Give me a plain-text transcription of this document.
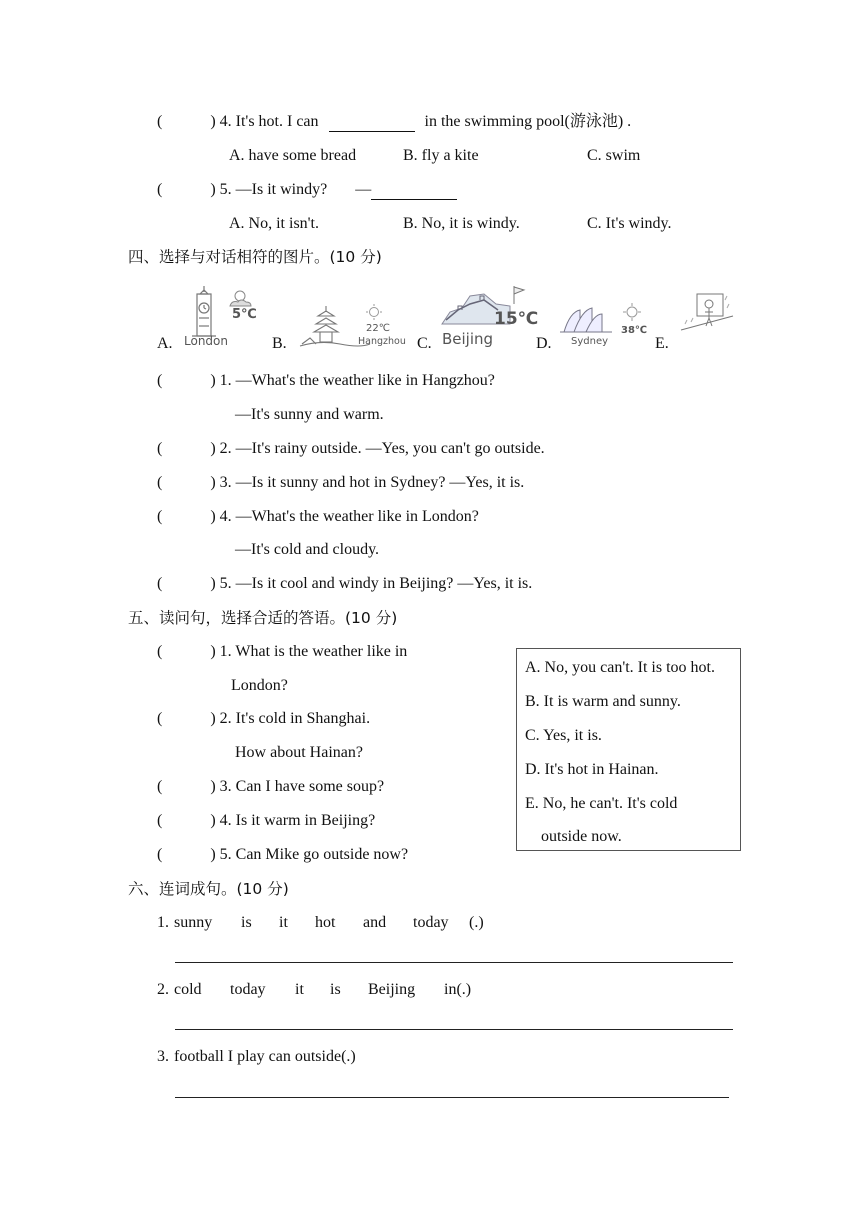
(	) 4. It's hot. I can	in the swimming pool(游泳池) .
A. have some bread	B. fly a kite	C. swim
(	) 5. —Is it windy? —
A. No, it isn't.	B. No, it is windy.	C. It's windy.
四、选择与对话相符的图片。(10 分)
A.
5℃
London	B.
22℃
Hangzhou C.
15℃
Beijing	D.
38℃
Sydney	E.
(	) 1. —What's the weather like in Hangzhou?
—It's sunny and warm.
(	) 2. —It's rainy outside. —Yes, you can't go outside.
(	) 3. —Is it sunny and hot in Sydney? —Yes, it is.
(	) 4. —What's the weather like in London?
—It's cold and cloudy.
(	) 5. —Is it cool and windy in Beijing? —Yes, it is.
五、读问句，选择合适的答语。(10 分)
(	) 1. What is the weather like in
London?
(	) 2. It's cold in Shanghai.
How about Hainan?
(	) 3. Can I have some soup?
(	) 4. Is it warm in Beijing?
(	) 5. Can Mike go outside now?
A. No, you can't. It is too hot.
B. It is warm and sunny.
C. Yes, it is.
D. It's hot in Hainan.
E. No, he can't. It's cold
outside now.
六、连词成句。(10 分)
1. sunny is it hot and today (.)
2. cold today it is Beijing in(.)
3. football I play can outside(.)
